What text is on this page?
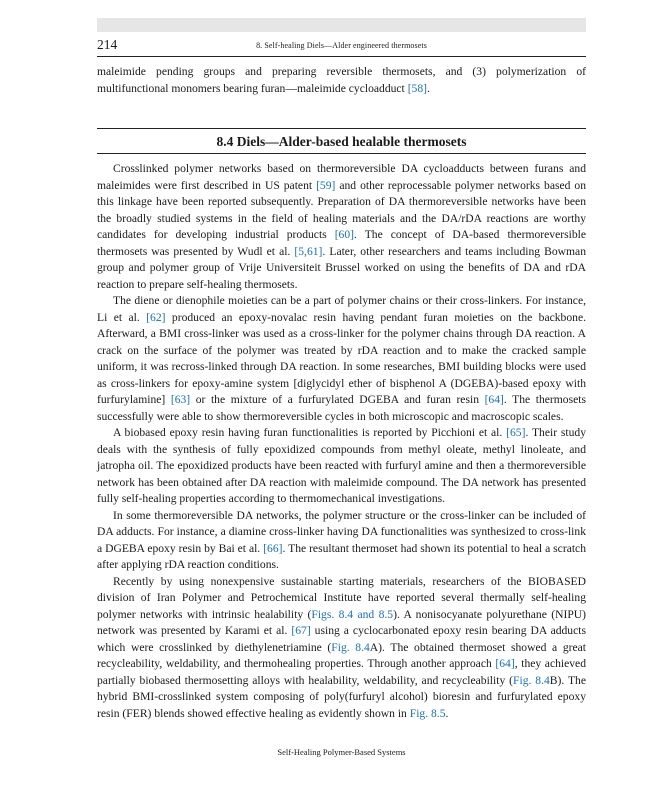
214	8. Self-healing Diels—Alder engineered thermosets

maleimide pending groups and preparing reversible thermosets, and (3) polymerization of multifunctional monomers bearing furan—maleimide cycloadduct [58].

8.4 Diels—Alder-based healable thermosets

Crosslinked polymer networks based on thermoreversible DA cycloadducts between furans and maleimides were first described in US patent [59] and other reprocessable polymer networks based on this linkage have been reported subsequently. Preparation of DA thermoreversible networks have been the broadly studied systems in the field of healing materials and the DA/rDA reactions are worthy candidates for developing industrial products [60]. The concept of DA-based thermoreversible thermosets was presented by Wudl et al. [5,61]. Later, other researchers and teams including Bowman group and polymer group of Vrije Universiteit Brussel worked on using the benefits of DA and rDA reaction to prepare self-healing thermosets.

The diene or dienophile moieties can be a part of polymer chains or their cross-linkers. For instance, Li et al. [62] produced an epoxy-novalac resin having pendant furan moieties on the backbone. Afterward, a BMI cross-linker was used as a cross-linker for the polymer chains through DA reaction. A crack on the surface of the polymer was treated by rDA reaction and to make the cracked sample uniform, it was recross-linked through DA reaction. In some researches, BMI building blocks were used as cross-linkers for epoxy-amine system [diglycidyl ether of bisphenol A (DGEBA)-based epoxy with furfurylamine] [63] or the mixture of a furfurylated DGEBA and furan resin [64]. The thermosets successfully were able to show thermoreversible cycles in both microscopic and macroscopic scales.

A biobased epoxy resin having furan functionalities is reported by Picchioni et al. [65]. Their study deals with the synthesis of fully epoxidized compounds from methyl oleate, methyl linoleate, and jatropha oil. The epoxidized products have been reacted with furfuryl amine and then a thermoreversible network has been obtained after DA reaction with maleimide compound. The DA network has presented fully self-healing properties according to thermomechanical investigations.

In some thermoreversible DA networks, the polymer structure or the cross-linker can be included of DA adducts. For instance, a diamine cross-linker having DA functionalities was synthesized to cross-link a DGEBA epoxy resin by Bai et al. [66]. The resultant thermoset had shown its potential to heal a scratch after applying rDA reaction conditions.

Recently by using nonexpensive sustainable starting materials, researchers of the BIOBASED division of Iran Polymer and Petrochemical Institute have reported several thermally self-healing polymer networks with intrinsic healability (Figs. 8.4 and 8.5). A nonisocyanate polyurethane (NIPU) network was presented by Karami et al. [67] using a cyclocarbonated epoxy resin bearing DA adducts which were crosslinked by diethylenetriamine (Fig. 8.4A). The obtained thermoset showed a great recycleability, weldability, and thermohealing properties. Through another approach [64], they achieved partially biobased thermosetting alloys with healability, weldability, and recycleability (Fig. 8.4B). The hybrid BMI-crosslinked system composing of poly(furfuryl alcohol) bioresin and furfurylated epoxy resin (FER) blends showed effective healing as evidently shown in Fig. 8.5.

Self-Healing Polymer-Based Systems
